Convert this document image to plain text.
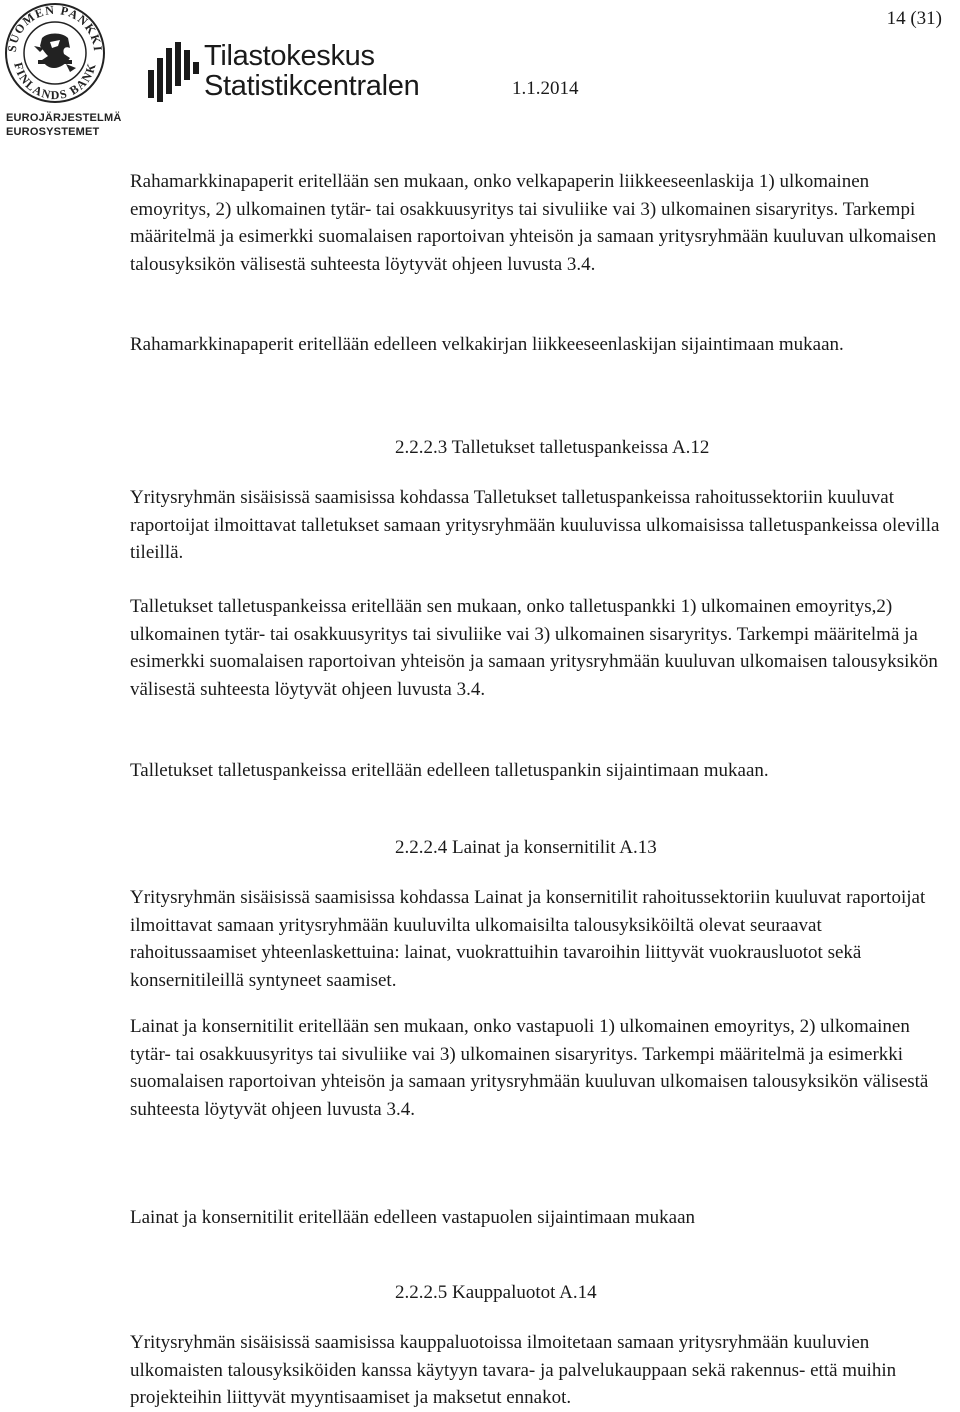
SUOMEN PANKKI
FINLANDS BANK
EUROJÄRJESTELMÄ
EUROSYSTEMET
Tilastokeskus
Statistikcentralen
14 (31)
1.1.2014

Rahamarkkinapaperit eritellään sen mukaan, onko velkapaperin liikkeeseenlaskija 1) ulkomainen emoyritys, 2) ulkomainen tytär- tai osakkuusyritys tai sivuliike vai 3) ulkomainen sisaryritys. Tarkempi määritelmä ja esimerkki suomalaisen raportoivan yhteisön ja samaan yritysryhmään kuuluvan ulkomaisen talousyksikön välisestä suhteesta löytyvät ohjeen luvusta 3.4.

Rahamarkkinapaperit eritellään edelleen velkakirjan liikkeeseenlaskijan sijaintimaan mukaan.

2.2.2.3 Talletukset talletuspankeissa A.12

Yritysryhmän sisäisissä saamisissa kohdassa Talletukset talletuspankeissa rahoitussektoriin kuuluvat raportoijat ilmoittavat talletukset samaan yritysryhmään kuuluvissa ulkomaisissa talletuspankeissa olevilla tileillä.

Talletukset talletuspankeissa eritellään sen mukaan, onko talletuspankki 1) ulkomainen emoyritys,2) ulkomainen tytär- tai osakkuusyritys tai sivuliike vai 3) ulkomainen sisaryritys. Tarkempi määritelmä ja esimerkki suomalaisen raportoivan yhteisön ja samaan yritysryhmään kuuluvan ulkomaisen talousyksikön välisestä suhteesta löytyvät ohjeen luvusta 3.4.

Talletukset talletuspankeissa eritellään edelleen talletuspankin sijaintimaan mukaan.

2.2.2.4 Lainat ja konsernitilit A.13

Yritysryhmän sisäisissä saamisissa kohdassa Lainat ja konsernitilit rahoitussektoriin kuuluvat raportoijat ilmoittavat samaan yritysryhmään kuuluvilta ulkomaisilta talousyksiköiltä olevat seuraavat rahoitussaamiset yhteenlaskettuina: lainat, vuokrattuihin tavaroihin liittyvät vuokrausluotot sekä konsernitileillä syntyneet saamiset.

Lainat ja konsernitilit eritellään sen mukaan, onko vastapuoli 1) ulkomainen emoyritys, 2) ulkomainen tytär- tai osakkuusyritys tai sivuliike vai 3) ulkomainen sisaryritys. Tarkempi määritelmä ja esimerkki suomalaisen raportoivan yhteisön ja samaan yritysryhmään kuuluvan ulkomaisen talousyksikön välisestä suhteesta löytyvät ohjeen luvusta 3.4.

Lainat ja konsernitilit eritellään edelleen vastapuolen sijaintimaan mukaan

2.2.2.5 Kauppaluotot A.14

Yritysryhmän sisäisissä saamisissa kauppaluotoissa ilmoitetaan samaan yritysryhmään kuuluvien ulkomaisten talousyksiköiden kanssa käytyyn tavara- ja palvelukauppaan sekä rakennus- että muihin projekteihin liittyvät myyntisaamiset ja maksetut ennakot.
